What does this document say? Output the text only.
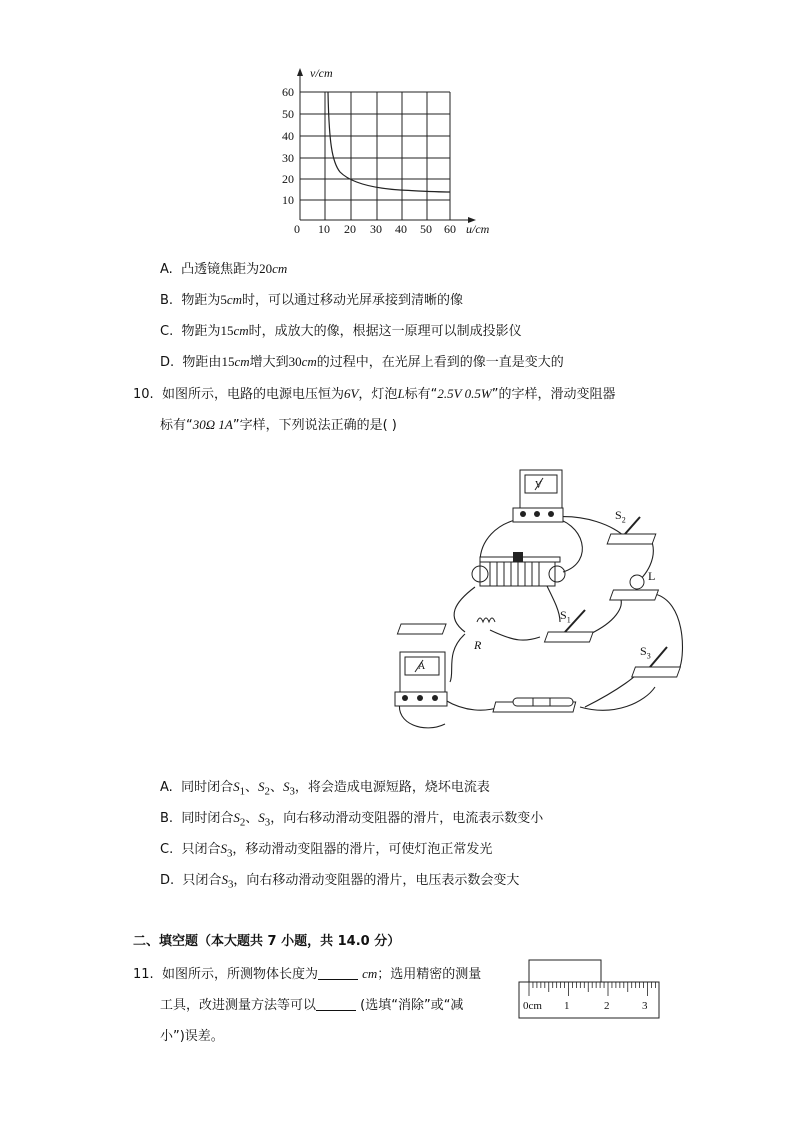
v/cm
u/cm
0
60
50
40
30
20
10
10 20 30 40 50 60
A. 凸透镜焦距为20cm
B. 物距为5cm时，可以通过移动光屏承接到清晰的像
C. 物距为15cm时，成放大的像，根据这一原理可以制成投影仪
D. 物距由15cm增大到30cm的过程中，在光屏上看到的像一直是变大的
10. 如图所示，电路的电源电压恒为6V，灯泡L标有“2.5V 0.5W”的字样，滑动变阻器
标有“30Ω 1A”字样，下列说法正确的是( )
V
A
$S_2$
$S_1$
$S_3$
L
R
A. 同时闭合$S_1$、$S_2$、$S_3$，将会造成电源短路，烧坏电流表
B. 同时闭合$S_2$、$S_3$，向右移动滑动变阻器的滑片，电流表示数变小
C. 只闭合$S_3$，移动滑动变阻器的滑片，可使灯泡正常发光
D. 只闭合$S_3$，向右移动滑动变阻器的滑片，电压表示数会变大
二、填空题（本大题共 7 小题，共 14.0 分）
11. 如图所示，所测物体长度为	cm；选用精密的测量
工具，改进测量方法等可以	(选填“消除”或“减
小”)误差。
0cm 1	2	3
